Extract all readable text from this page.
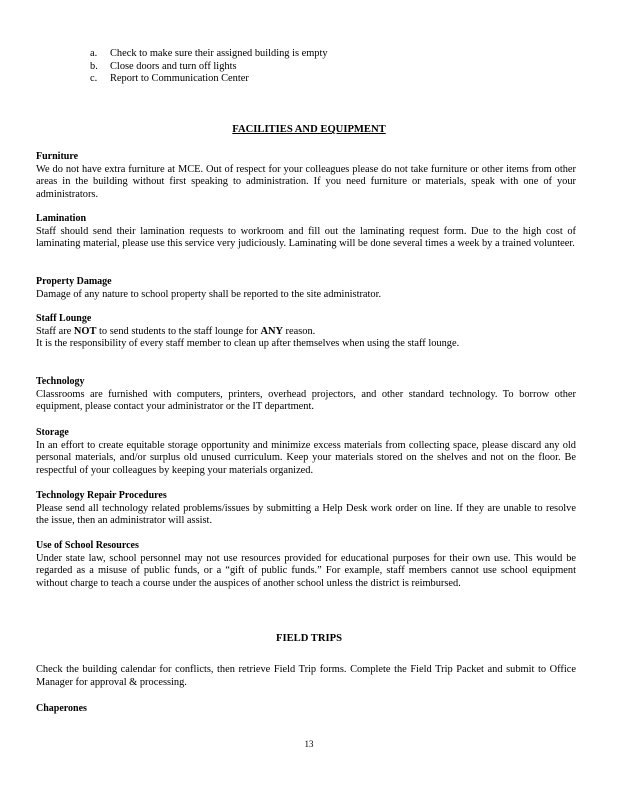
a.	Check to make sure their assigned building is empty
b.	Close doors and turn off lights
c.	Report to Communication Center
FACILITIES AND EQUIPMENT
Furniture
We do not have extra furniture at MCE. Out of respect for your colleagues please do not take furniture or other items from other areas in the building without first speaking to administration. If you need furniture or materials, speak with one of your administrators.
Lamination
Staff should send their lamination requests to workroom and fill out the laminating request form. Due to the high cost of laminating material, please use this service very judiciously. Laminating will be done several times a week by a trained volunteer.
Property Damage
Damage of any nature to school property shall be reported to the site administrator.
Staff Lounge

Staff are NOT to send students to the staff lounge for ANY reason.

It is the responsibility of every staff member to clean up after themselves when using the staff lounge.

Technology
Classrooms are furnished with computers, printers, overhead projectors, and other standard technology. To borrow other equipment, please contact your administrator or the IT department.
Storage
In an effort to create equitable storage opportunity and minimize excess materials from collecting space, please discard any old personal materials, and/or surplus old unused curriculum. Keep your materials stored on the shelves and not on the floor. Be respectful of your colleagues by keeping your materials organized.
Technology Repair Procedures
Please send all technology related problems/issues by submitting a Help Desk work order on line. If they are unable to resolve the issue, then an administrator will assist.
Use of School Resources
Under state law, school personnel may not use resources provided for educational purposes for their own use. This would be regarded as a misuse of public funds, or a “gift of public funds.” For example, staff members cannot use school equipment without charge to teach a course under the auspices of another school unless the district is reimbursed.
FIELD TRIPS
Check the building calendar for conflicts, then retrieve Field Trip forms. Complete the Field Trip Packet and submit to Office Manager for approval & processing.
Chaperones
13
